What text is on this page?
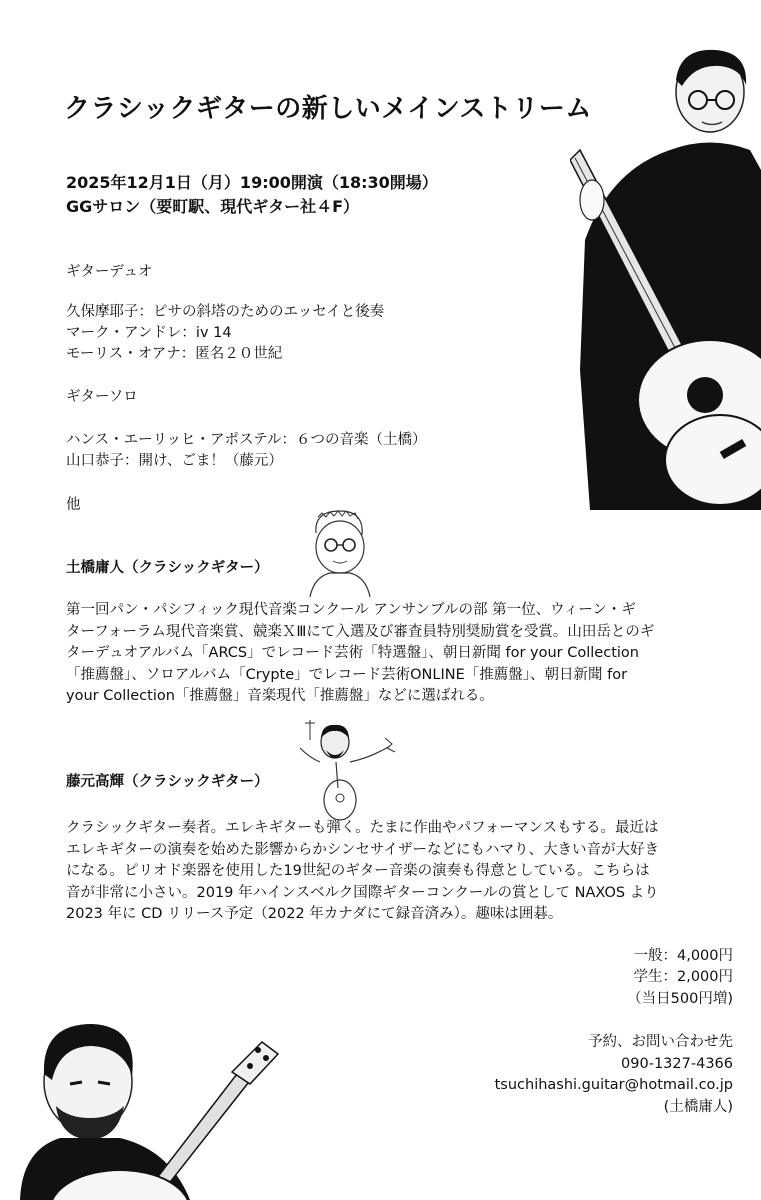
クラシックギターの新しいメインストリーム
2025年12月1日（月）19:00開演（18:30開場）
GGサロン（要町駅、現代ギター社４F）
ギターデュオ
久保摩耶子：ピサの斜塔のためのエッセイと後奏
マーク・アンドレ：iv 14
モーリス・オアナ：匿名２０世紀
ギターソロ
ハンス・エーリッヒ・アポステル：６つの音楽（土橋）
山口恭子：開け、ごま！（藤元）
他
土橋庸人（クラシックギター）
第一回パン・パシフィック現代音楽コンクール アンサンブルの部 第一位、ウィーン・ギ
ターフォーラム現代音楽賞、競楽ＸⅢにて入選及び審査員特別奨励賞を受賞。山田岳とのギ
ターデュオアルバム「ARCS」でレコード芸術「特選盤」、朝日新聞 for your Collection
「推薦盤」、ソロアルバム「Crypte」でレコード芸術ONLINE「推薦盤」、朝日新聞 for
your Collection「推薦盤」音楽現代「推薦盤」などに選ばれる。
藤元高輝（クラシックギター）
クラシックギター奏者。エレキギターも弾く。たまに作曲やパフォーマンスもする。最近は
エレキギターの演奏を始めた影響からかシンセサイザーなどにもハマり、大きい音が大好き
になる。ピリオド楽器を使用した19世紀のギター音楽の演奏も得意としている。こちらは
音が非常に小さい。2019 年ハインスベルク国際ギターコンクールの賞として NAXOS より
2023 年に CD リリース予定（2022 年カナダにて録音済み）。趣味は囲碁。
一般：4,000円
学生：2,000円
（当日500円増)
予約、お問い合わせ先
090-1327-4366
tsuchihashi.guitar@hotmail.co.jp
(土橋庸人)
